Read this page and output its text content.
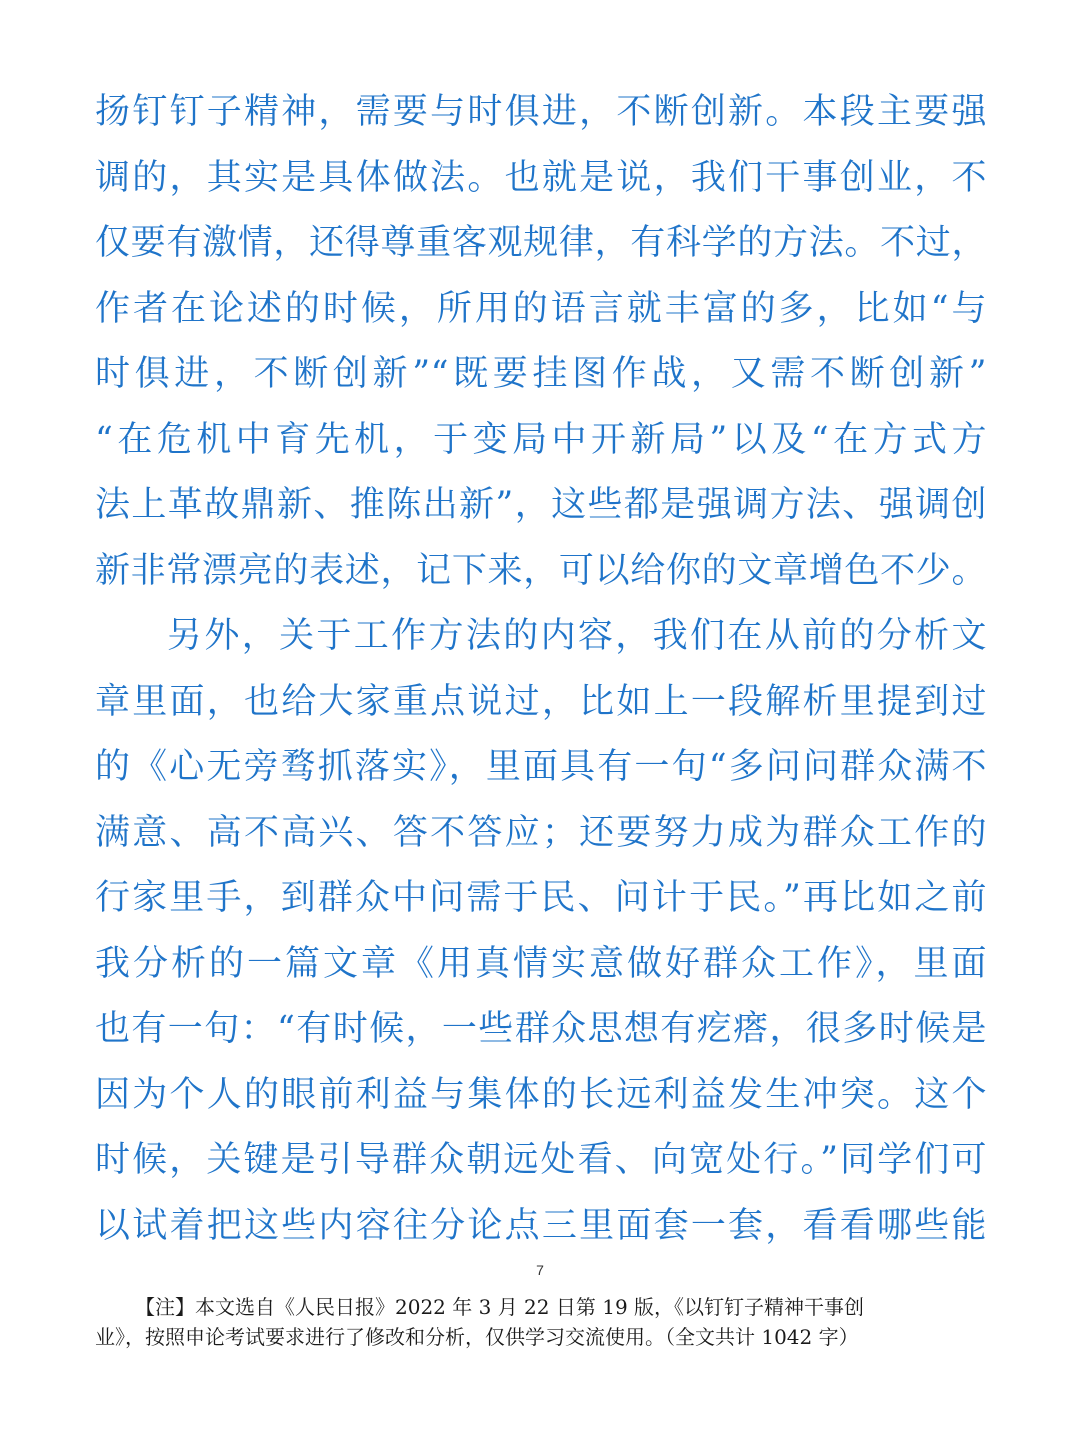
扬钉钉子精神，需要与时俱进，不断创新。本段主要强
调的，其实是具体做法。也就是说，我们干事创业，不
仅要有激情，还得尊重客观规律，有科学的方法。不过，
作者在论述的时候，所用的语言就丰富的多，比如“与
时俱进，不断创新”“既要挂图作战，又需不断创新”
“在危机中育先机，于变局中开新局”以及“在方式方
法上革故鼎新、推陈出新”，这些都是强调方法、强调创
新非常漂亮的表述，记下来，可以给你的文章增色不少。

另外，关于工作方法的内容，我们在从前的分析文
章里面，也给大家重点说过，比如上一段解析里提到过
的《心无旁骛抓落实》，里面具有一句“多问问群众满不
满意、高不高兴、答不答应；还要努力成为群众工作的
行家里手，到群众中问需于民、问计于民。”再比如之前
我分析的一篇文章《用真情实意做好群众工作》，里面
也有一句：“有时候，一些群众思想有疙瘩，很多时候是
因为个人的眼前利益与集体的长远利益发生冲突。这个
时候，关键是引导群众朝远处看、向宽处行。”同学们可
以试着把这些内容往分论点三里面套一套，看看哪些能

7
【注】本文选自《人民日报》2022 年 3 月 22 日第 19 版，《以钉钉子精神干事创
业》，按照申论考试要求进行了修改和分析，仅供学习交流使用。（全文共计 1042 字）
